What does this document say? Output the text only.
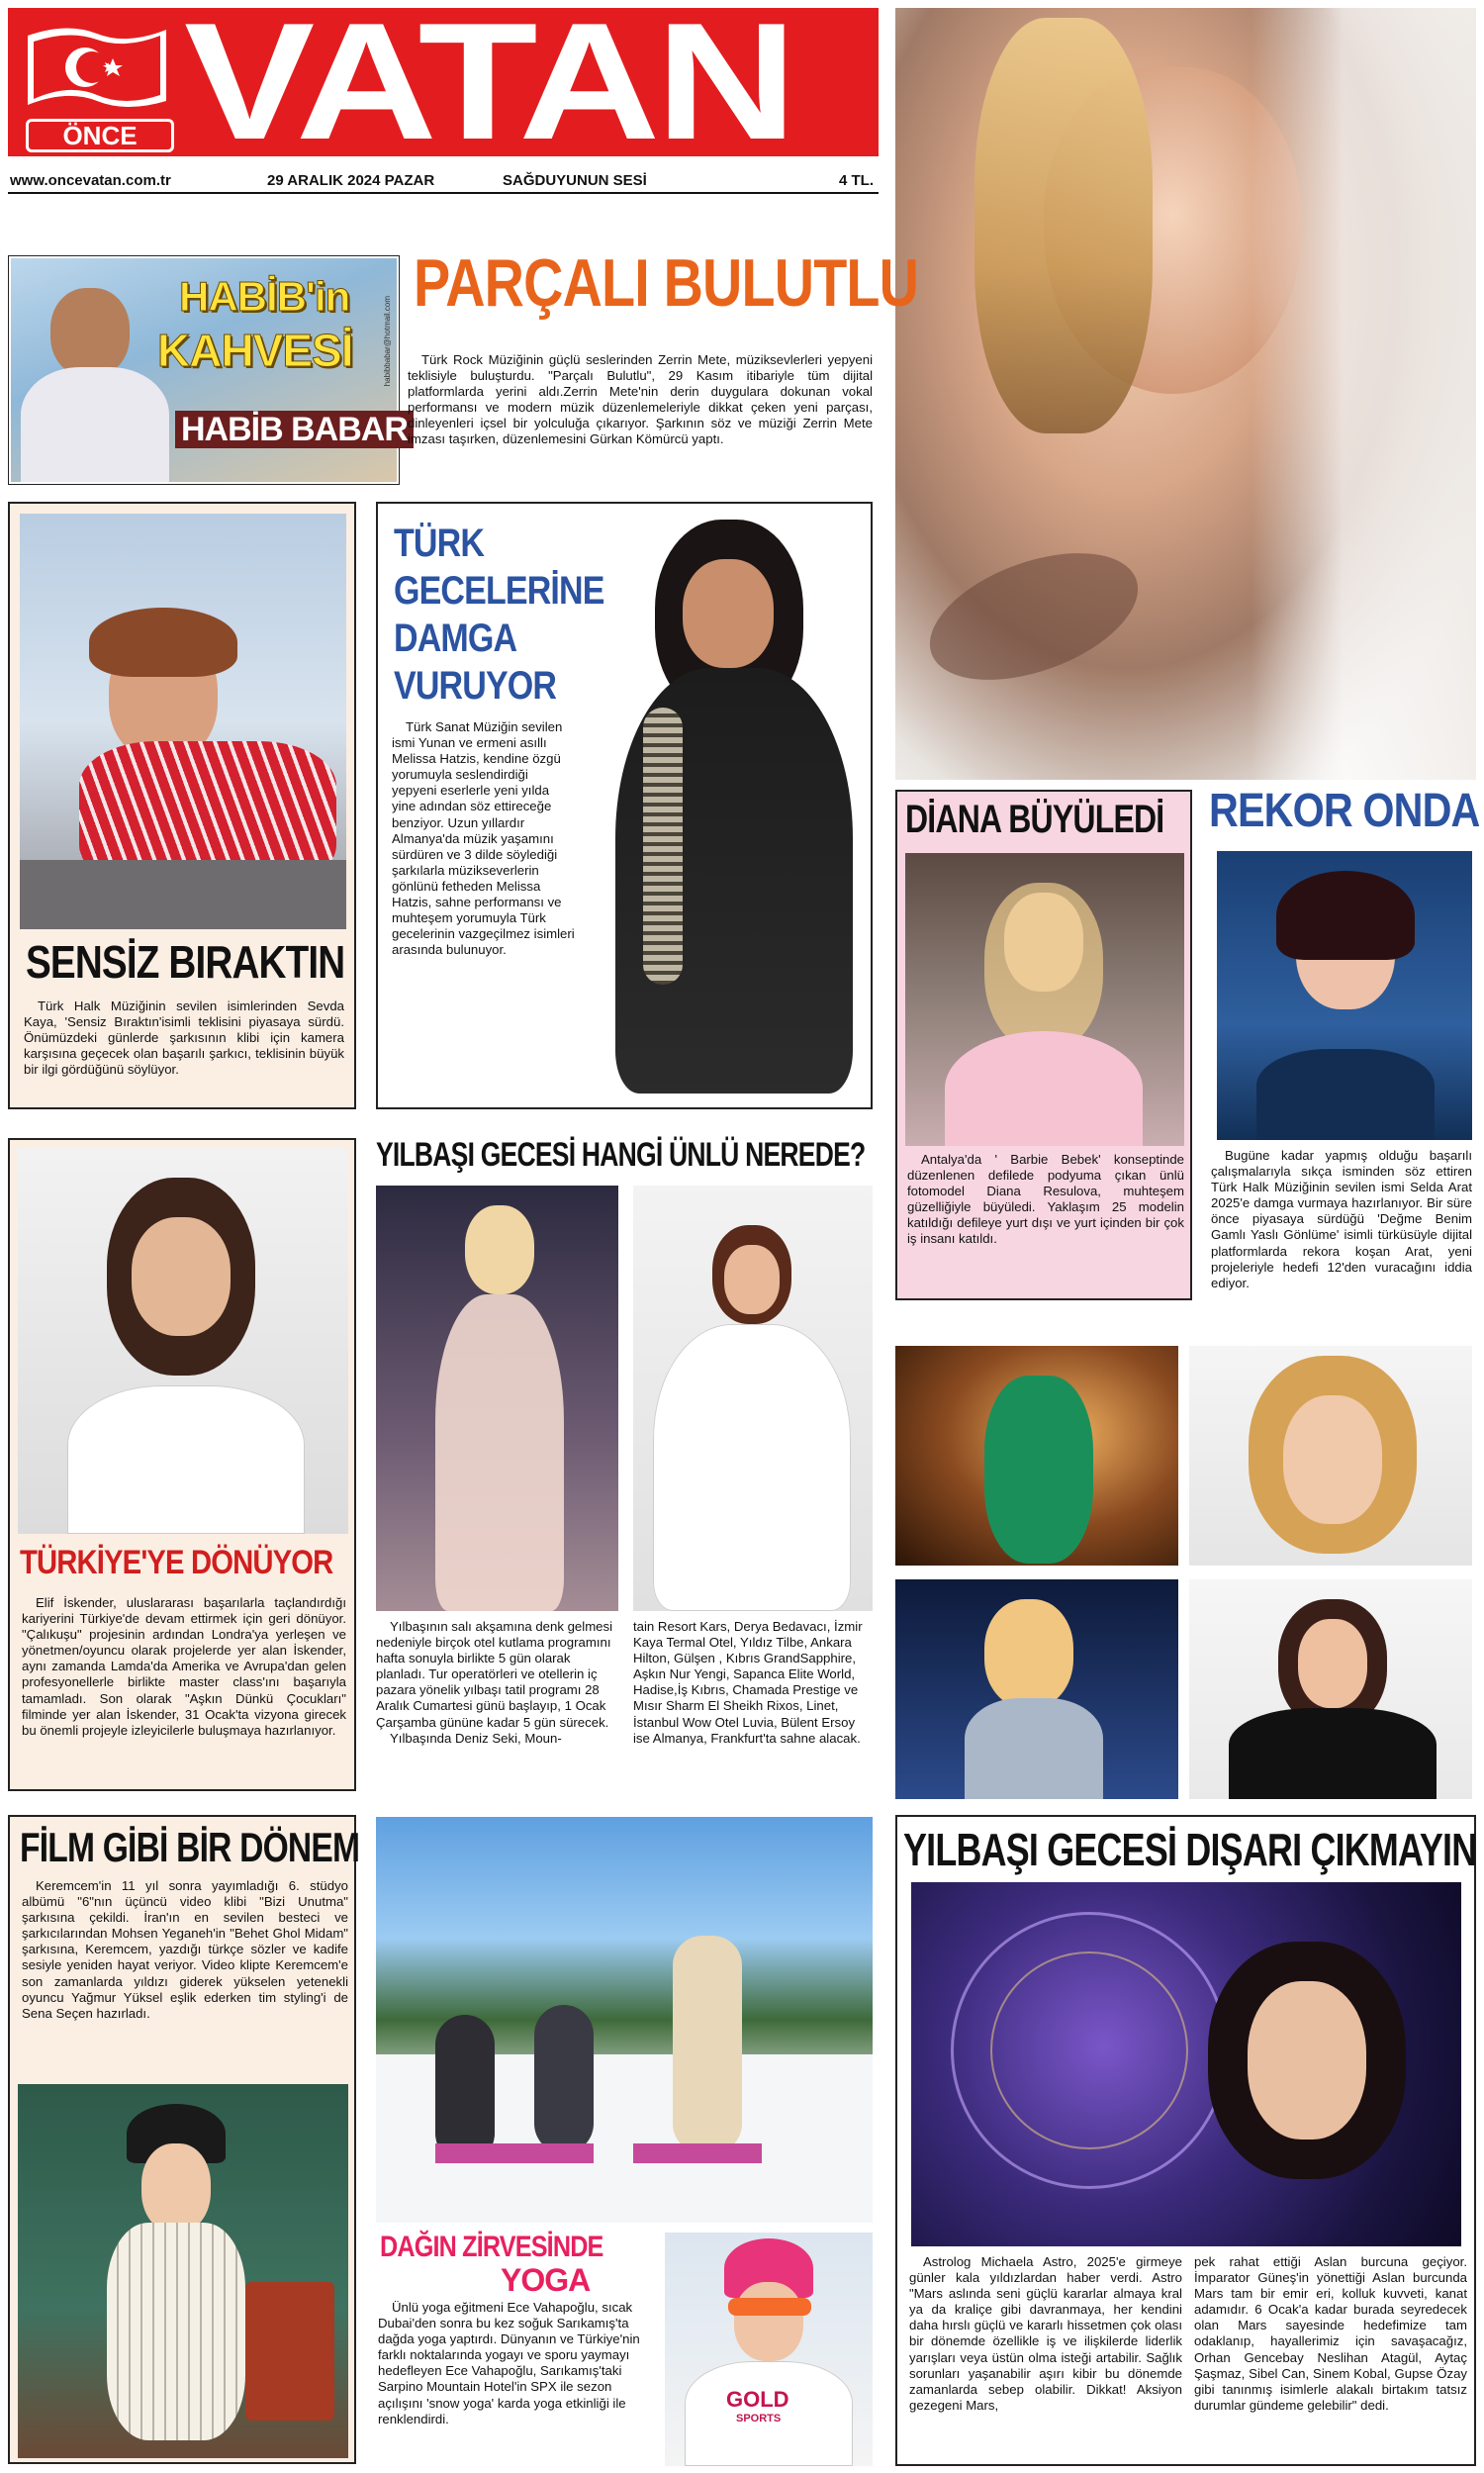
ÖNCE VATAN
www.oncevatan.com.tr	29 ARALIK 2024 PAZAR	SAĞDUYUNUN SESİ	4 TL.
HABİB'in
KAHVESİ
HABİB BABAR
habibbabar@hotmail.com
PARÇALI BULUTLU

Türk Rock Müziğinin güçlü seslerinden Zerrin Mete, müziksevlerleri yepyeni teklisiyle buluşturdu. "Parçalı Bulutlu", 29 Kasım itibariyle tüm dijital platformlarda yerini aldı.Zerrin Mete'nin derin duygulara dokunan vokal performansı ve modern müzik düzenlemeleriyle dikkat çeken yeni parçası, dinleyenleri içsel bir yolculuğa çıkarıyor. Şarkının söz ve müziği Zerrin Mete imzası taşırken, düzenlemesini Gürkan Kömürcü yaptı.

SENSİZ BIRAKTIN

Türk Halk Müziğinin sevilen isimlerinden Sevda Kaya, 'Sensiz Bıraktın'isimli teklisini piyasaya sürdü. Önümüzdeki günlerde şarkısının klibi için kamera karşısına geçecek olan başarılı şarkıcı, teklisinin büyük bir ilgi gördüğünü söylüyor.

TÜRK
GECELERİNE
DAMGA
VURUYOR

Türk Sanat Müziğin sevilen ismi Yunan ve ermeni asıllı Melissa Hatzis, kendine özgü yorumuyla seslendirdiği yepyeni eserlerle yeni yılda yine adından söz ettireceğe benziyor. Uzun yıllardır Almanya'da müzik yaşamını sürdüren ve 3 dilde söylediği şarkılarla müzikseverlerin gönlünü fetheden Melissa Hatzis, sahne performansı ve muhteşem yorumuyla Türk gecelerinin vazgeçilmez isimleri arasında bulunuyor.

DİANA BÜYÜLEDİ

Antalya'da ' Barbie Bebek' konseptinde düzenlenen defilede podyuma çıkan ünlü fotomodel Diana Resulova, muhteşem güzelliğiyle büyüledi. Yaklaşım 25 modelin katıldığı defileye yurt dışı ve yurt içinden bir çok iş insanı katıldı.

REKOR ONDA

Bugüne kadar yapmış olduğu başarılı çalışmalarıyla sıkça isminden söz ettiren Türk Halk Müziğinin sevilen ismi Selda Arat 2025'e damga vurmaya hazırlanıyor. Bir süre önce piyasaya sürdüğü 'Değme Benim Gamlı Yaslı Gönlüme' isimli türküsüyle dijital platformlarda rekora koşan Arat, yeni projeleriyle hedefi 12'den vuracağını iddia ediyor.

TÜRKİYE'YE DÖNÜYOR

Elif İskender, uluslararası başarılarla taçlandırdığı kariyerini Türkiye'de devam ettirmek için geri dönüyor. "Çalıkuşu" projesinin ardından Londra'ya yerleşen ve yönetmen/oyuncu olarak projelerde yer alan İskender, aynı zamanda Lamda'da Amerika ve Avrupa'dan gelen profesyonellerle birlikte master class'ını başarıyla tamamladı. Son olarak "Aşkın Dünkü Çocukları" filminde yer alan İskender, 31 Ocak'ta vizyona girecek bu önemli projeyle izleyicilerle buluşmaya hazırlanıyor.

YILBAŞI GECESİ HANGİ ÜNLÜ NEREDE?

Yılbaşının salı akşamına denk gelmesi nedeniyle birçok otel kutlama programını hafta sonuyla birlikte 5 gün olarak planladı. Tur operatörleri ve otellerin iç pazara yönelik yılbaşı tatil programı 28 Aralık Cumartesi günü başlayıp, 1 Ocak Çarşamba gününe kadar 5 gün sürecek.

Yılbaşında Deniz Seki, Moun-

tain Resort Kars, Derya Bedavacı, İzmir Kaya Termal Otel, Yıldız Tilbe, Ankara Hilton, Gülşen , Kıbrıs GrandSapphire, Aşkın Nur Yengi, Sapanca Elite World, Hadise,İş Kıbrıs, Chamada Prestige ve Mısır Sharm El Sheikh Rixos, Linet, İstanbul Wow Otel Luvia, Bülent Ersoy ise Almanya, Frankfurt'ta sahne alacak.

FİLM GİBİ BİR DÖNEM

Keremcem'in 11 yıl sonra yayımladığı 6. stüdyo albümü "6"nın üçüncü video klibi "Bizi Unutma" şarkısına çekildi. İran'ın en sevilen besteci ve şarkıcılarından Mohsen Yeganeh'in "Behet Ghol Midam" şarkısına, Keremcem, yazdığı türkçe sözler ve kadife sesiyle yeniden hayat veriyor. Video klipte Keremcem'e son zamanlarda yıldızı giderek yükselen yetenekli oyuncu Yağmur Yüksel eşlik ederken tim styling'i de Sena Seçen hazırladı.

DAĞIN ZİRVESİNDE
YOGA

Ünlü yoga eğitmeni Ece Vahapoğlu, sıcak Dubai'den sonra bu kez soğuk Sarıkamış'ta dağda yoga yaptırdı. Dünyanın ve Türkiye'nin farklı noktalarında yogayı ve sporu yaymayı hedefleyen Ece Vahapoğlu, Sarıkamış'taki Sarpino Mountain Hotel'in SPX ile sezon açılışını 'snow yoga' karda yoga etkinliği ile renklendirdi.

GOLD
SPORTS
YILBAŞI GECESİ DIŞARI ÇIKMAYIN

Astrolog Michaela Astro, 2025'e girmeye günler kala yıldızlardan haber verdi. Astro "Mars aslında seni güçlü kararlar almaya kral ya da kraliçe gibi davranmaya, her kendini daha hırslı güçlü ve kararlı hissetmen çok olası bir dönemde özellikle iş ve ilişkilerde liderlik yarışları veya üstün olma isteği artabilir. Sağlık sorunları yaşanabilir aşırı kibir bu dönemde zamanlarda sebep olabilir. Dikkat! Aksiyon gezegeni Mars,

pek rahat ettiği Aslan burcuna geçiyor. İmparator Güneş'in yönettiği Aslan burcunda Mars tam bir emir eri, kolluk kuvveti, kanat adamıdır. 6 Ocak'a kadar burada seyredecek olan Mars sayesinde hedefimize tam odaklanıp, hayallerimiz için savaşacağız, Orhan Gencebay Neslihan Atagül, Aytaç Şaşmaz, Sibel Can, Sinem Kobal, Gupse Özay gibi tanınmış isimlerle alakalı birtakım tatsız durumlar gündeme gelebilir" dedi.
